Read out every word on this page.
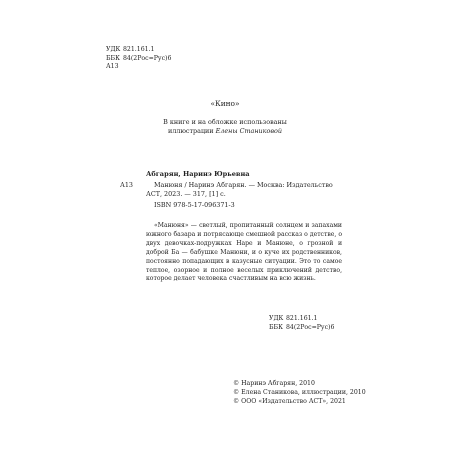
УДК 821.161.1
ББК 84(2Рос=Рус)6
А13
«Кино»
В книге и на обложке использованы
иллюстрации Елены Станиковой
Абгарян, Наринэ Юрьевна
А13	Манюня / Наринэ Абгарян. — Москва: Издательство АСТ, 2023. — 317, [1] с.
ISBN 978-5-17-096371-3
«Манюня» — светлый, пропитанный солнцем и запахами южного базара и потрясающе смешной рассказ о детстве, о двух девочках-подружках Наре и Манюне, о грозной и доброй Ба — бабушке Манюни, и о куче их родственников, постоянно попадающих в казусные ситуации. Это то самое теплое, озорное и полное веселых приключений детство, которое делает человека счастливым на всю жизнь.
УДК 821.161.1
ББК 84(2Рос=Рус)6
© Наринэ Абгарян, 2010
© Елена Станикова, иллюстрации, 2010
© ООО «Издательство АСТ», 2021
